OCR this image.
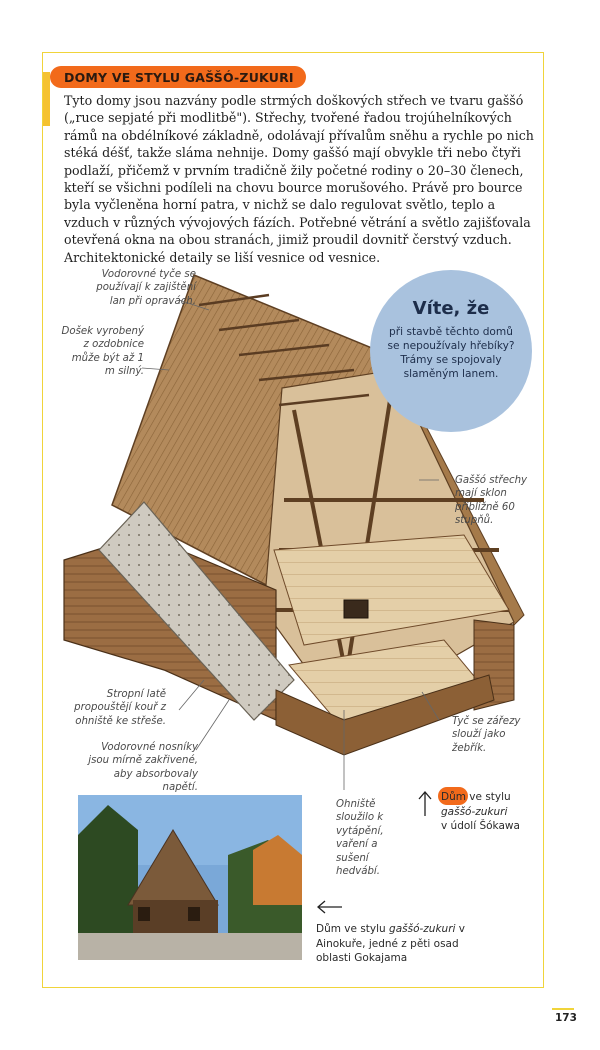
DOMY VE STYLU GAŠŠÓ-ZUKURI

Tyto domy jsou nazvány podle strmých doškových střech ve tvaru gaššó („ruce sepjaté při modlitbě"). Střechy, tvořené řadou trojúhelníkových rámů na obdélníkové základně, odolávají přívalům sněhu a rychle po nich stéká déšť, takže sláma nehnije. Domy gaššó mají obvykle tři nebo čtyři podlaží, přičemž v prvním tradičně žily početné rodiny o 20–30 členech, kteří se všichni podíleli na chovu bource morušového. Právě pro bource byla vyčleněna horní patra, v nichž se dalo regulovat světlo, teplo a vzduch v různých vývojových fázích. Potřebné větrání a světlo zajišťovala otevřená okna na obou stranách, jimiž proudil dovnitř čerstvý vzduch. Architektonické detaily se liší vesnice od vesnice.

Vodorovné tyče se používají k zajištění lan při opravách.

Došek vyrobený z ozdobnice může být až 1 m silný.

Gaššó střechy mají sklon přibližně 60 stupňů.

Stropní latě propouštějí kouř z ohniště ke střeše.

Vodorovné nosníky jsou mírně zakřivené, aby absorbovaly napětí.

Tyč se zářezy slouží jako žebřík.

Ohniště sloužilo k vytápění, vaření a sušení hedvábí.

Víte, že

při stavbě těchto domů se nepoužívaly hřebíky? Trámy se spojovaly slaměným lanem.

Dům ve stylu
gaššó-zukuri
v údolí Šókawa

Dům ve stylu gaššó-zukuri v Ainokuře, jedné z pěti osad oblasti Gokajama

173
